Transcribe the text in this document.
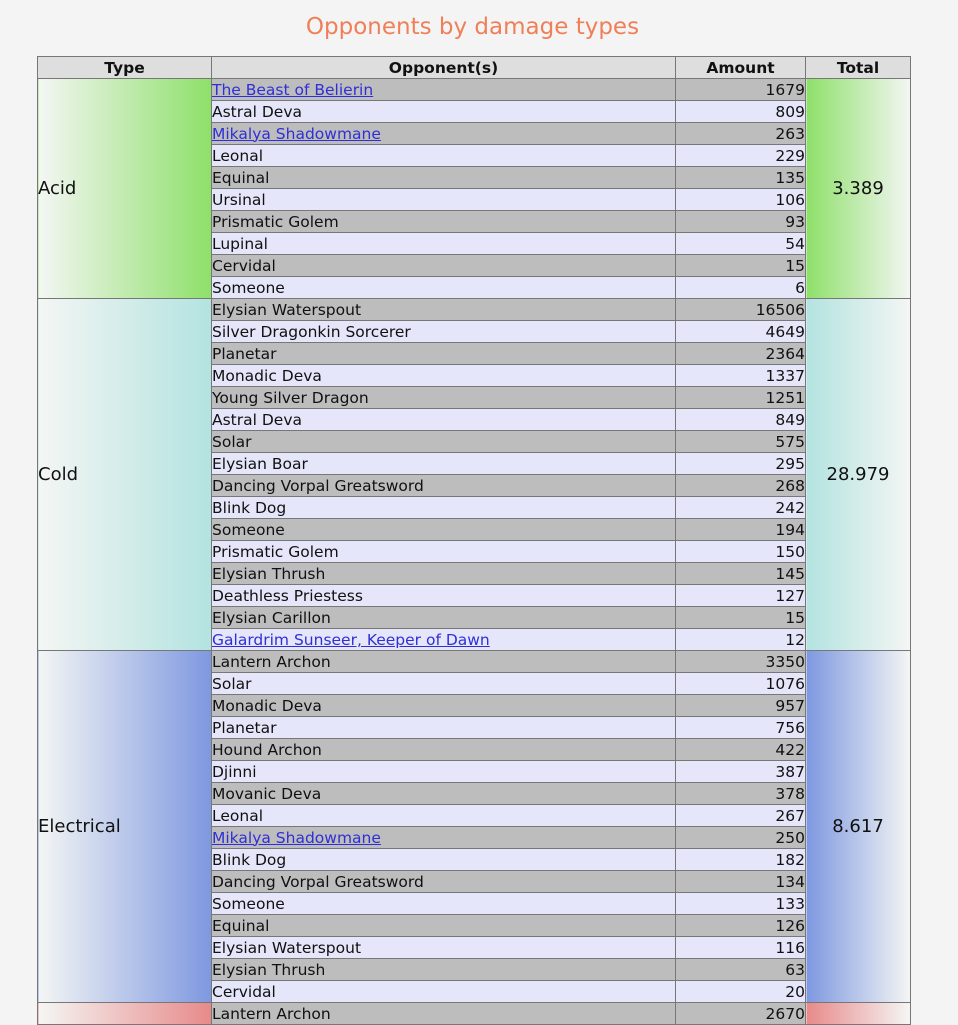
Opponents by damage types
Type	Opponent(s)	Amount	Total
Acid	The Beast of Belierin	1679	3.389
	Astral Deva	809	
	Mikalya Shadowmane	263	
	Leonal	229	
	Equinal	135	
	Ursinal	106	
	Prismatic Golem	93	
	Lupinal	54	
	Cervidal	15	
	Someone	6	
Cold	Elysian Waterspout	16506	28.979
	Silver Dragonkin Sorcerer	4649	
	Planetar	2364	
	Monadic Deva	1337	
	Young Silver Dragon	1251	
	Astral Deva	849	
	Solar	575	
	Elysian Boar	295	
	Dancing Vorpal Greatsword	268	
	Blink Dog	242	
	Someone	194	
	Prismatic Golem	150	
	Elysian Thrush	145	
	Deathless Priestess	127	
	Elysian Carillon	15	
	Galardrim Sunseer, Keeper of Dawn	12	
Electrical	Lantern Archon	3350	8.617
	Solar	1076	
	Monadic Deva	957	
	Planetar	756	
	Hound Archon	422	
	Djinni	387	
	Movanic Deva	378	
	Leonal	267	
	Mikalya Shadowmane	250	
	Blink Dog	182	
	Dancing Vorpal Greatsword	134	
	Someone	133	
	Equinal	126	
	Elysian Waterspout	116	
	Elysian Thrush	63	
	Cervidal	20	
	Lantern Archon	2670	
